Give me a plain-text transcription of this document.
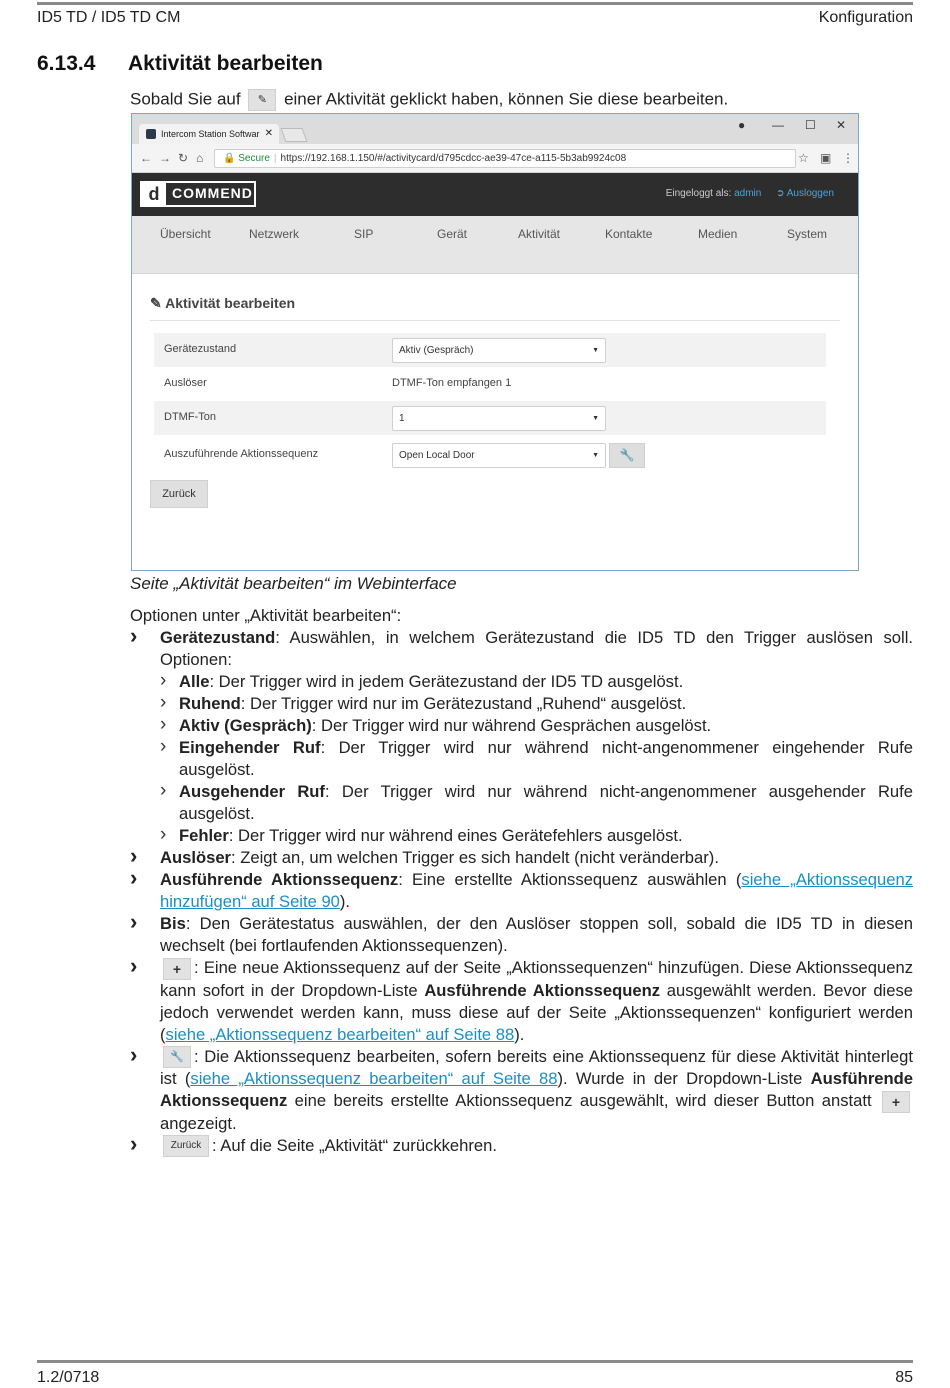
ID5 TD / ID5 TD CM	Konfiguration
6.13.4 Aktivität bearbeiten
Sobald Sie auf ✎ einer Aktivität geklickt haben, können Sie diese bearbeiten.
Intercom Station Softwar ✕
● — ☐ ✕
← → ↻ ⌂	🔒 Secure | https://192.168.1.150/#/activitycard/d795cdcc-ae39-47ce-a115-5b3ab9924c08	☆ ▣ ⋮
d COMMEND	Eingeloggt als: admin ➲ Ausloggen
Übersicht	Netzwerk	SIP	Gerät	Aktivität	Kontakte	Medien	System
✎ Aktivität bearbeiten
Gerätezustand	Aktiv (Gespräch)	▼
Auslöser	DTMF-Ton empfangen 1
DTMF-Ton	1	▼
Auszuführende Aktionssequenz	Open Local Door	▼	🔧
Zurück
Seite „Aktivität bearbeiten“ im Webinterface

Optionen unter „Aktivität bearbeiten“:

› Gerätezustand: Auswählen, in welchem Gerätezustand die ID5 TD den Trigger auslösen soll. Optionen:
› Alle: Der Trigger wird in jedem Gerätezustand der ID5 TD ausgelöst.
› Ruhend: Der Trigger wird nur im Gerätezustand „Ruhend“ ausgelöst.
› Aktiv (Gespräch): Der Trigger wird nur während Gesprächen ausgelöst.
› Eingehender Ruf: Der Trigger wird nur während nicht-angenommener eingehender Rufe ausgelöst.
› Ausgehender Ruf: Der Trigger wird nur während nicht-angenommener ausgehender Rufe ausgelöst.
› Fehler: Der Trigger wird nur während eines Gerätefehlers ausgelöst.
› Auslöser: Zeigt an, um welchen Trigger es sich handelt (nicht veränderbar).
› Ausführende Aktionssequenz: Eine erstellte Aktionssequenz auswählen (siehe „Aktionssequenz hinzufügen“ auf Seite 90).
› Bis: Den Gerätestatus auswählen, der den Auslöser stoppen soll, sobald die ID5 TD in diesen wechselt (bei fortlaufenden Aktionssequenzen).
› + : Eine neue Aktionssequenz auf der Seite „Aktionssequenzen“ hinzufügen. Diese Aktionssequenz kann sofort in der Dropdown-Liste Ausführende Aktionssequenz ausgewählt werden. Bevor diese jedoch verwendet werden kann, muss diese auf der Seite „Aktionssequenzen“ konfiguriert werden (siehe „Aktionssequenz bearbeiten“ auf Seite 88).
› 🔧 : Die Aktionssequenz bearbeiten, sofern bereits eine Aktionssequenz für diese Aktivität hinterlegt ist (siehe „Aktionssequenz bearbeiten“ auf Seite 88). Wurde in der Dropdown-Liste Ausführende Aktionssequenz eine bereits erstellte Aktionssequenz ausgewählt, wird dieser Button anstatt + angezeigt.
› Zurück : Auf die Seite „Aktivität“ zurückkehren.
1.2/0718	85
